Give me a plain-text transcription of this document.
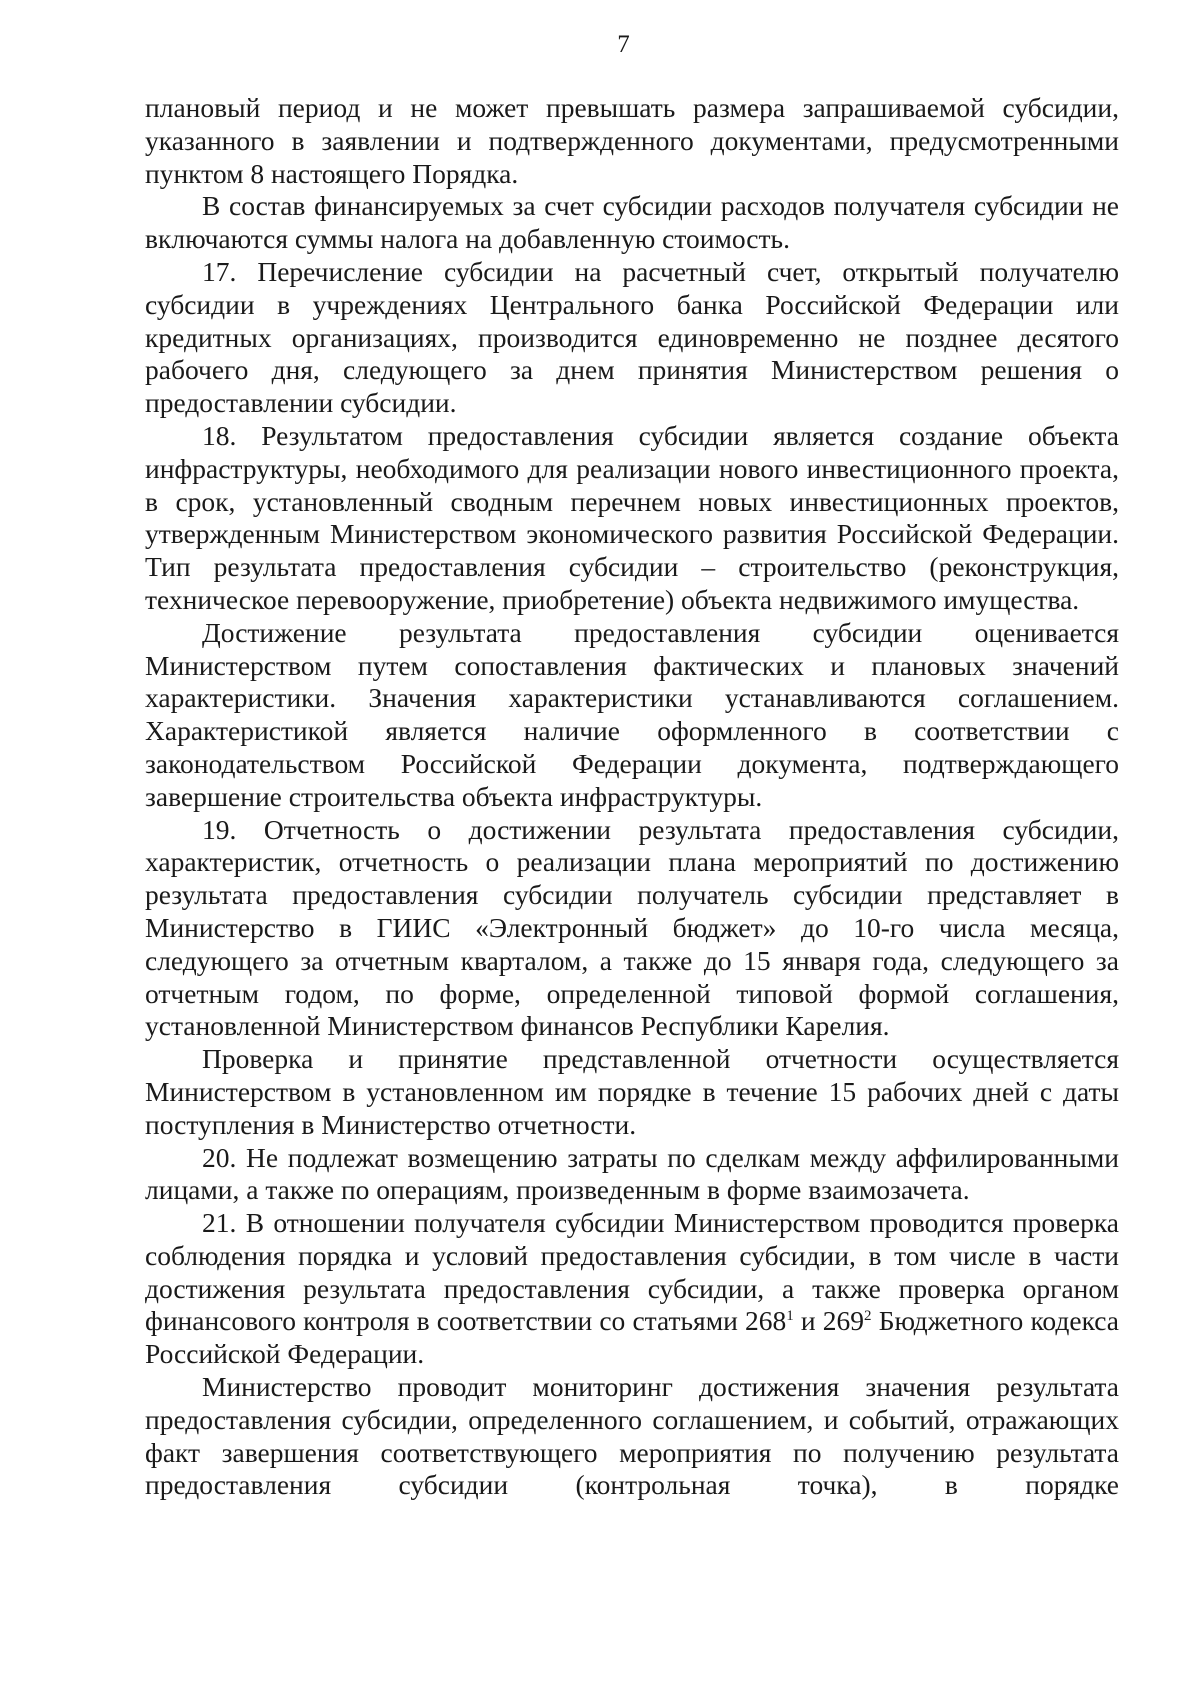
7

плановый период и не может превышать размера запрашиваемой субсидии, указанного в заявлении и подтвержденного документами, предусмотренными пунктом 8 настоящего Порядка.

В состав финансируемых за счет субсидии расходов получателя субсидии не включаются суммы налога на добавленную стоимость.

17. Перечисление субсидии на расчетный счет, открытый получателю субсидии в учреждениях Центрального банка Российской Федерации или кредитных организациях, производится единовременно не позднее десятого рабочего дня, следующего за днем принятия Министерством решения о предоставлении субсидии.

18. Результатом предоставления субсидии является создание объекта инфраструктуры, необходимого для реализации нового инвестиционного проекта, в срок, установленный сводным перечнем новых инвестиционных проектов, утвержденным Министерством экономического развития Российской Федерации. Тип результата предоставления субсидии – строительство (реконструкция, техническое перевооружение, приобретение) объекта недвижимого имущества.

Достижение результата предоставления субсидии оценивается Министерством путем сопоставления фактических и плановых значений характеристики. Значения характеристики устанавливаются соглашением. Характеристикой является наличие оформленного в соответствии с законодательством Российской Федерации документа, подтверждающего завершение строительства объекта инфраструктуры.

19. Отчетность о достижении результата предоставления субсидии, характеристик, отчетность о реализации плана мероприятий по достижению результата предоставления субсидии получатель субсидии представляет в Министерство в ГИИС «Электронный бюджет» до 10-го числа месяца, следующего за отчетным кварталом, а также до 15 января года, следующего за отчетным годом, по форме, определенной типовой формой соглашения, установленной Министерством финансов Республики Карелия.

Проверка и принятие представленной отчетности осуществляется Министерством в установленном им порядке в течение 15 рабочих дней с даты поступления в Министерство отчетности.

20. Не подлежат возмещению затраты по сделкам между аффилированными лицами, а также по операциям, произведенным в форме взаимозачета.

21. В отношении получателя субсидии Министерством проводится проверка соблюдения порядка и условий предоставления субсидии, в том числе в части достижения результата предоставления субсидии, а также проверка органом финансового контроля в соответствии со статьями $268^1$ и $269^2$ Бюджетного кодекса Российской Федерации.

Министерство проводит мониторинг достижения значения результата предоставления субсидии, определенного соглашением, и событий, отражающих факт завершения соответствующего мероприятия по получению результата предоставления субсидии (контрольная точка), в порядке
